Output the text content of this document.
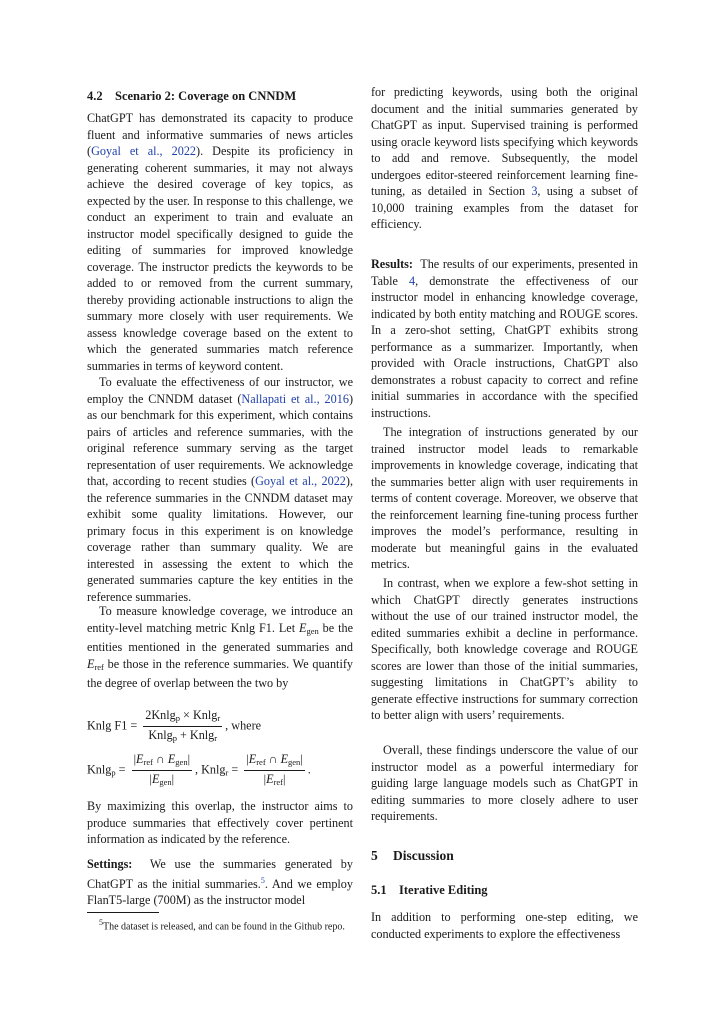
4.2 Scenario 2: Coverage on CNNDM

ChatGPT has demonstrated its capacity to produce fluent and informative summaries of news articles (Goyal et al., 2022). Despite its proficiency in generating coherent summaries, it may not always achieve the desired coverage of key topics, as expected by the user. In response to this challenge, we conduct an experiment to train and evaluate an instructor model specifically designed to guide the editing of summaries for improved knowledge coverage. The instructor predicts the keywords to be added to or removed from the current summary, thereby providing actionable instructions to align the summary more closely with user requirements. We assess knowledge coverage based on the extent to which the generated summaries match reference summaries in terms of keyword content.

To evaluate the effectiveness of our instructor, we employ the CNNDM dataset (Nallapati et al., 2016) as our benchmark for this experiment, which contains pairs of articles and reference summaries, with the original reference summary serving as the target representation of user requirements. We acknowledge that, according to recent studies (Goyal et al., 2022), the reference summaries in the CNNDM dataset may exhibit some quality limitations. However, our primary focus in this experiment is on knowledge coverage rather than summary quality. We are interested in assessing the extent to which the generated summaries capture the key entities in the reference summaries.

To measure knowledge coverage, we introduce an entity-level matching metric Knlg F1. Let $E_{gen}$ be the entities mentioned in the generated summaries and $E_{ref}$ be those in the reference summaries. We quantify the degree of overlap between the two by

Knlg $F1 = \frac{2Knlg_p \times Knlg_r}{Knlg_p + Knlg_r}$ , where
$Knlg_p = \frac{|E_{ref} \cap E_{gen}|}{|E_{gen}|}$ , $Knlg_r = \frac{|E_{ref} \cap E_{gen}|}{|E_{ref}|}$ .

By maximizing this overlap, the instructor aims to produce summaries that effectively cover pertinent information as indicated by the reference.

Settings: We use the summaries generated by ChatGPT as the initial summaries.$^5$. And we employ FlanT5-large (700M) as the instructor model

$^5$The dataset is released, and can be found in the Github repo.

for predicting keywords, using both the original document and the initial summaries generated by ChatGPT as input. Supervised training is performed using oracle keyword lists specifying which keywords to add and remove. Subsequently, the model undergoes editor-steered reinforcement learning fine-tuning, as detailed in Section 3, using a subset of 10,000 training examples from the dataset for efficiency.

Results: The results of our experiments, presented in Table 4, demonstrate the effectiveness of our instructor model in enhancing knowledge coverage, indicated by both entity matching and ROUGE scores. In a zero-shot setting, ChatGPT exhibits strong performance as a summarizer. Importantly, when provided with Oracle instructions, ChatGPT also demonstrates a robust capacity to correct and refine initial summaries in accordance with the specified instructions.

The integration of instructions generated by our trained instructor model leads to remarkable improvements in knowledge coverage, indicating that the summaries better align with user requirements in terms of content coverage. Moreover, we observe that the reinforcement learning fine-tuning process further improves the model’s performance, resulting in moderate but meaningful gains in the evaluated metrics.

In contrast, when we explore a few-shot setting in which ChatGPT directly generates instructions without the use of our trained instructor model, the edited summaries exhibit a decline in performance. Specifically, both knowledge coverage and ROUGE scores are lower than those of the initial summaries, suggesting limitations in ChatGPT’s ability to generate effective instructions for summary correction to better align with users’ requirements.

Overall, these findings underscore the value of our instructor model as a powerful intermediary for guiding large language models such as ChatGPT in editing summaries to more closely adhere to user requirements.

5 Discussion
5.1 Iterative Editing

In addition to performing one-step editing, we conducted experiments to explore the effectiveness
